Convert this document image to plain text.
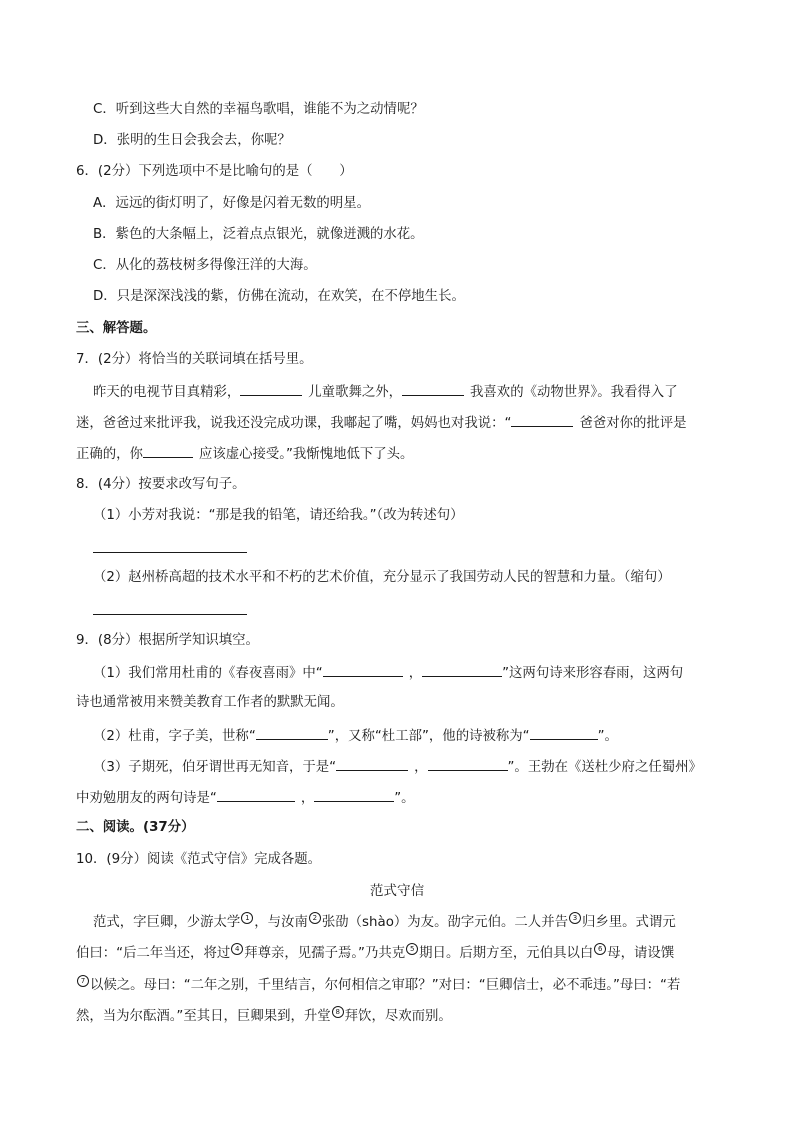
C．听到这些大自然的幸福鸟歌唱，谁能不为之动情呢？
D．张明的生日会我会去，你呢？
6．(2分）下列选项中不是比喻句的是（　　）
A．远远的街灯明了，好像是闪着无数的明星。
B．紫色的大条幅上，泛着点点银光，就像迸溅的水花。
C．从化的荔枝树多得像汪洋的大海。
D．只是深深浅浅的紫，仿佛在流动，在欢笑，在不停地生长。
三、解答题。
7．(2分）将恰当的关联词填在括号里。
昨天的电视节目真精彩，	儿童歌舞之外，	我喜欢的《动物世界》。我看得入了
迷，爸爸过来批评我，说我还没完成功课，我嘟起了嘴，妈妈也对我说：“	爸爸对你的批评是
正确的，你	应该虚心接受。”我惭愧地低下了头。
8．(4分）按要求改写句子。
（1）小芳对我说：“那是我的铅笔，请还给我。”（改为转述句）
（2）赵州桥高超的技术水平和不朽的艺术价值，充分显示了我国劳动人民的智慧和力量。（缩句）
9．(8分）根据所学知识填空。
（1）我们常用杜甫的《春夜喜雨》中“	，	”这两句诗来形容春雨，这两句
诗也通常被用来赞美教育工作者的默默无闻。
（2）杜甫，字子美，世称“	”，又称“杜工部”，他的诗被称为“	”。
（3）子期死，伯牙谓世再无知音，于是“	，	”。王勃在《送杜少府之任蜀州》
中劝勉朋友的两句诗是“	，	”。
二、阅读。(37分）
10．(9分）阅读《范式守信》完成各题。
范式守信
范式，字巨卿，少游太学 1 ，与汝南 2 张劭（shào）为友。劭字元伯。二人并告 3 归乡里。式谓元
伯曰：“后二年当还，将过 4 拜尊亲，见孺子焉。”乃共克 5 期日。后期方至，元伯具以白 6 母，请设馔
7 以候之。母曰：“二年之别，千里结言，尔何相信之审耶？”对曰：“巨卿信士，必不乖违。”母曰：“若
然，当为尔酝酒。”至其日，巨卿果到，升堂 8 拜饮，尽欢而别。
